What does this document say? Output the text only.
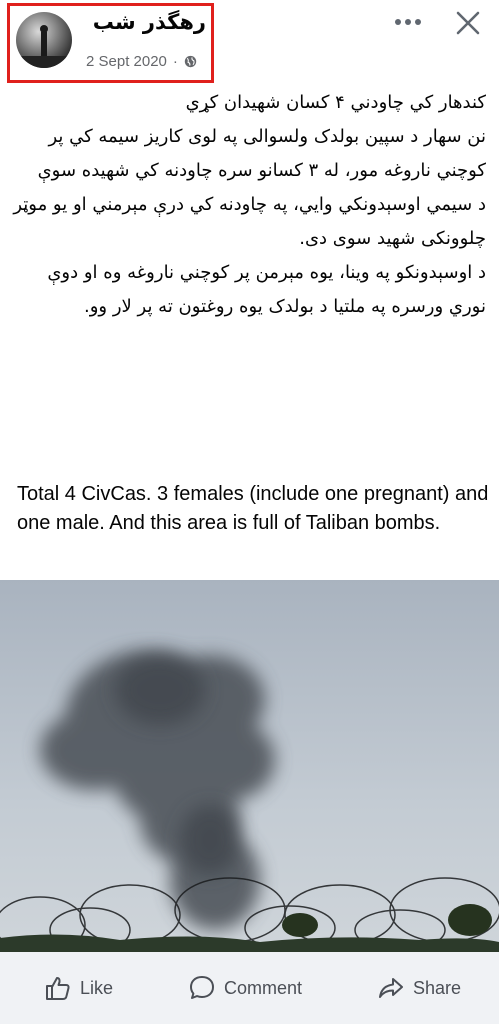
رهگذر شب
2 Sept 2020 ·

کندهار کي چاودني ۴ کسان شهیدان کړي

نن سهار د سپین بولدک ولسوالی په لوی کاریز سیمه کي پر کوچني ناروغه مور، له ۳ کسانو سره چاودنه کي شهیده سوې

د سیمي اوسېدونکي وایي، په چاودنه کي درې مېرمني او یو موټر چلوونکی شهید سوی دی.

د اوسېدونکو په وینا، یوه مېرمن پر کوچني ناروغه وه او دوې نوري ورسره په ملتیا د بولدک یوه روغتون ته پر لار وو.

Total 4 CivCas. 3 females (include one pregnant) and one male. And this area is full of Taliban bombs.
Like	Comment	Share
